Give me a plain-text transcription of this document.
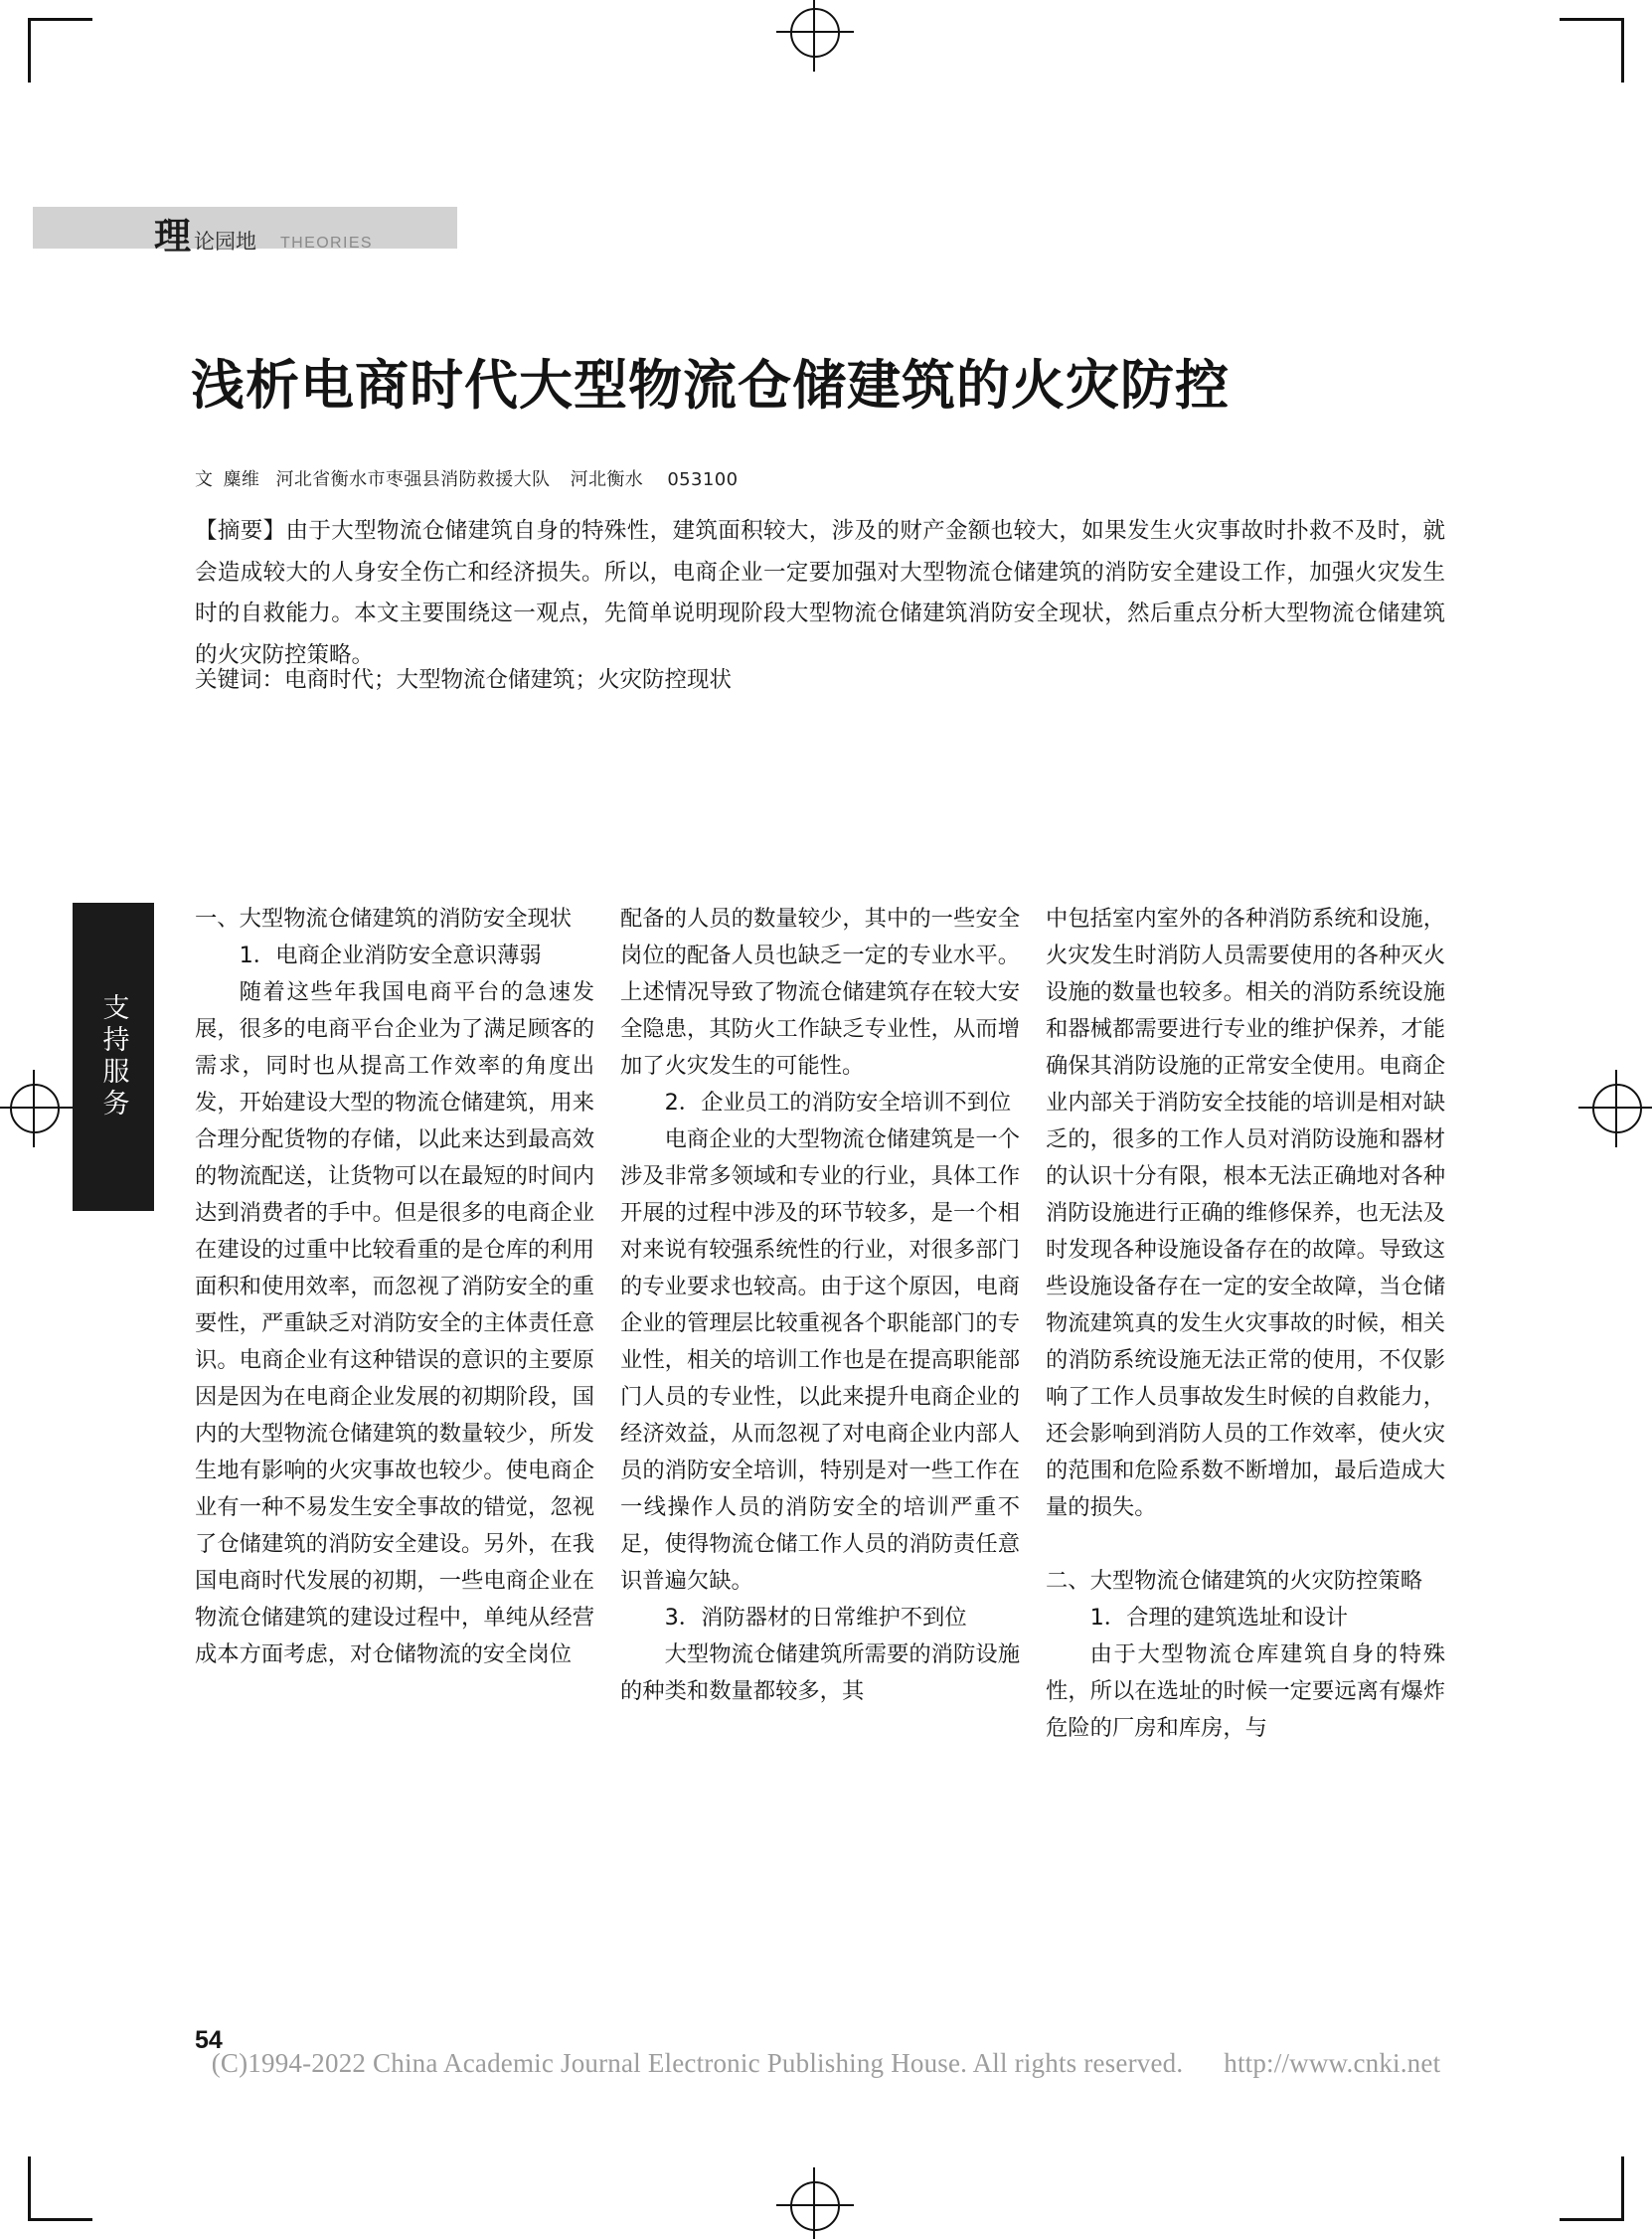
理 论园地 THEORIES
浅析电商时代大型物流仓储建筑的火灾防控
文 麋维 河北省衡水市枣强县消防救援大队 河北衡水 053100
【摘要】由于大型物流仓储建筑自身的特殊性，建筑面积较大，涉及的财产金额也较大，如果发生火灾事故时扑救不及时，就会造成较大的人身安全伤亡和经济损失。所以，电商企业一定要加强对大型物流仓储建筑的消防安全建设工作，加强火灾发生时的自救能力。本文主要围绕这一观点，先简单说明现阶段大型物流仓储建筑消防安全现状，然后重点分析大型物流仓储建筑的火灾防控策略。
关键词：电商时代；大型物流仓储建筑；火灾防控现状
支持服务

一、大型物流仓储建筑的消防安全现状

1．电商企业消防安全意识薄弱

随着这些年我国电商平台的急速发展，很多的电商平台企业为了满足顾客的需求，同时也从提高工作效率的角度出发，开始建设大型的物流仓储建筑，用来合理分配货物的存储，以此来达到最高效的物流配送，让货物可以在最短的时间内达到消费者的手中。但是很多的电商企业在建设的过重中比较看重的是仓库的利用面积和使用效率，而忽视了消防安全的重要性，严重缺乏对消防安全的主体责任意识。电商企业有这种错误的意识的主要原因是因为在电商企业发展的初期阶段，国内的大型物流仓储建筑的数量较少，所发生地有影响的火灾事故也较少。使电商企业有一种不易发生安全事故的错觉，忽视了仓储建筑的消防安全建设。另外，在我国电商时代发展的初期，一些电商企业在物流仓储建筑的建设过程中，单纯从经营成本方面考虑，对仓储物流的安全岗位

配备的人员的数量较少，其中的一些安全岗位的配备人员也缺乏一定的专业水平。上述情况导致了物流仓储建筑存在较大安全隐患，其防火工作缺乏专业性，从而增加了火灾发生的可能性。

2．企业员工的消防安全培训不到位

电商企业的大型物流仓储建筑是一个涉及非常多领域和专业的行业，具体工作开展的过程中涉及的环节较多，是一个相对来说有较强系统性的行业，对很多部门的专业要求也较高。由于这个原因，电商企业的管理层比较重视各个职能部门的专业性，相关的培训工作也是在提高职能部门人员的专业性，以此来提升电商企业的经济效益，从而忽视了对电商企业内部人员的消防安全培训，特别是对一些工作在一线操作人员的消防安全的培训严重不足，使得物流仓储工作人员的消防责任意识普遍欠缺。

3．消防器材的日常维护不到位

大型物流仓储建筑所需要的消防设施的种类和数量都较多，其

中包括室内室外的各种消防系统和设施，火灾发生时消防人员需要使用的各种灭火设施的数量也较多。相关的消防系统设施和器械都需要进行专业的维护保养，才能确保其消防设施的正常安全使用。电商企业内部关于消防安全技能的培训是相对缺乏的，很多的工作人员对消防设施和器材的认识十分有限，根本无法正确地对各种消防设施进行正确的维修保养，也无法及时发现各种设施设备存在的故障。导致这些设施设备存在一定的安全故障，当仓储物流建筑真的发生火灾事故的时候，相关的消防系统设施无法正常的使用，不仅影响了工作人员事故发生时候的自救能力，还会影响到消防人员的工作效率，使火灾的范围和危险系数不断增加，最后造成大量的损失。

二、大型物流仓储建筑的火灾防控策略

1．合理的建筑选址和设计

由于大型物流仓库建筑自身的特殊性，所以在选址的时候一定要远离有爆炸危险的厂房和库房，与

54
(C)1994-2022 China Academic Journal Electronic Publishing House. All rights reserved. http://www.cnki.net
